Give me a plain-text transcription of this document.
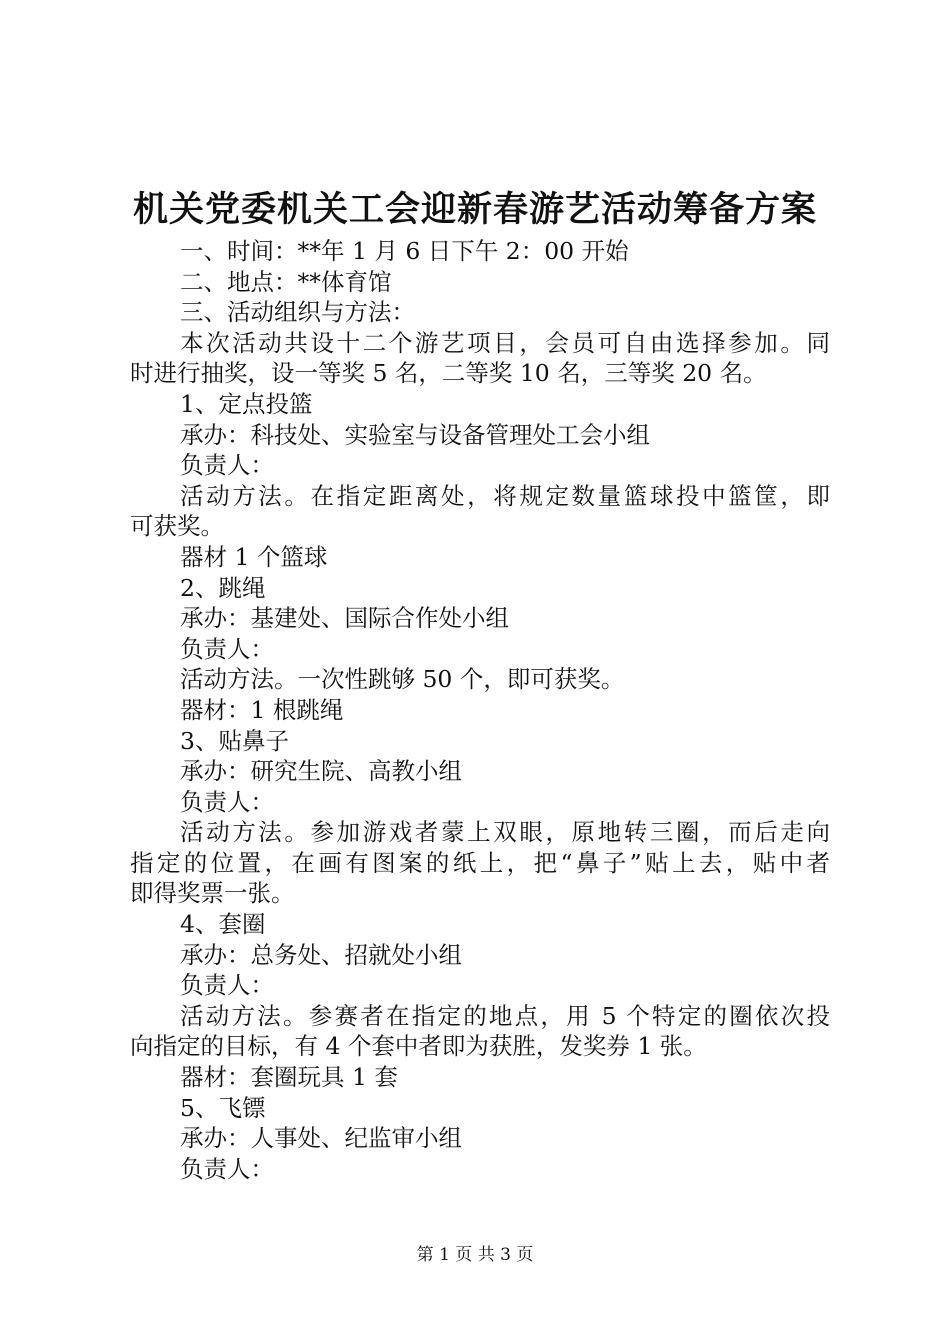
机关党委机关工会迎新春游艺活动筹备方案
一、时间：**年 1 月 6 日下午 2：00 开始
二、地点：**体育馆
三、活动组织与方法：
本次活动共设十二个游艺项目，会员可自由选择参加。同
时进行抽奖，设一等奖 5 名，二等奖 10 名，三等奖 20 名。
1、定点投篮
承办：科技处、实验室与设备管理处工会小组
负责人：
活动方法。在指定距离处，将规定数量篮球投中篮筐，即
可获奖。
器材 1 个篮球
2、跳绳
承办：基建处、国际合作处小组
负责人：
活动方法。一次性跳够 50 个，即可获奖。
器材：1 根跳绳
3、贴鼻子
承办：研究生院、高教小组
负责人：
活动方法。参加游戏者蒙上双眼，原地转三圈，而后走向
指定的位置，在画有图案的纸上，把“鼻子”贴上去，贴中者
即得奖票一张。
4、套圈
承办：总务处、招就处小组
负责人：
活动方法。参赛者在指定的地点，用 5 个特定的圈依次投
向指定的目标，有 4 个套中者即为获胜，发奖券 1 张。
器材：套圈玩具 1 套
5、飞镖
承办：人事处、纪监审小组
负责人：
第 1 页 共 3 页
